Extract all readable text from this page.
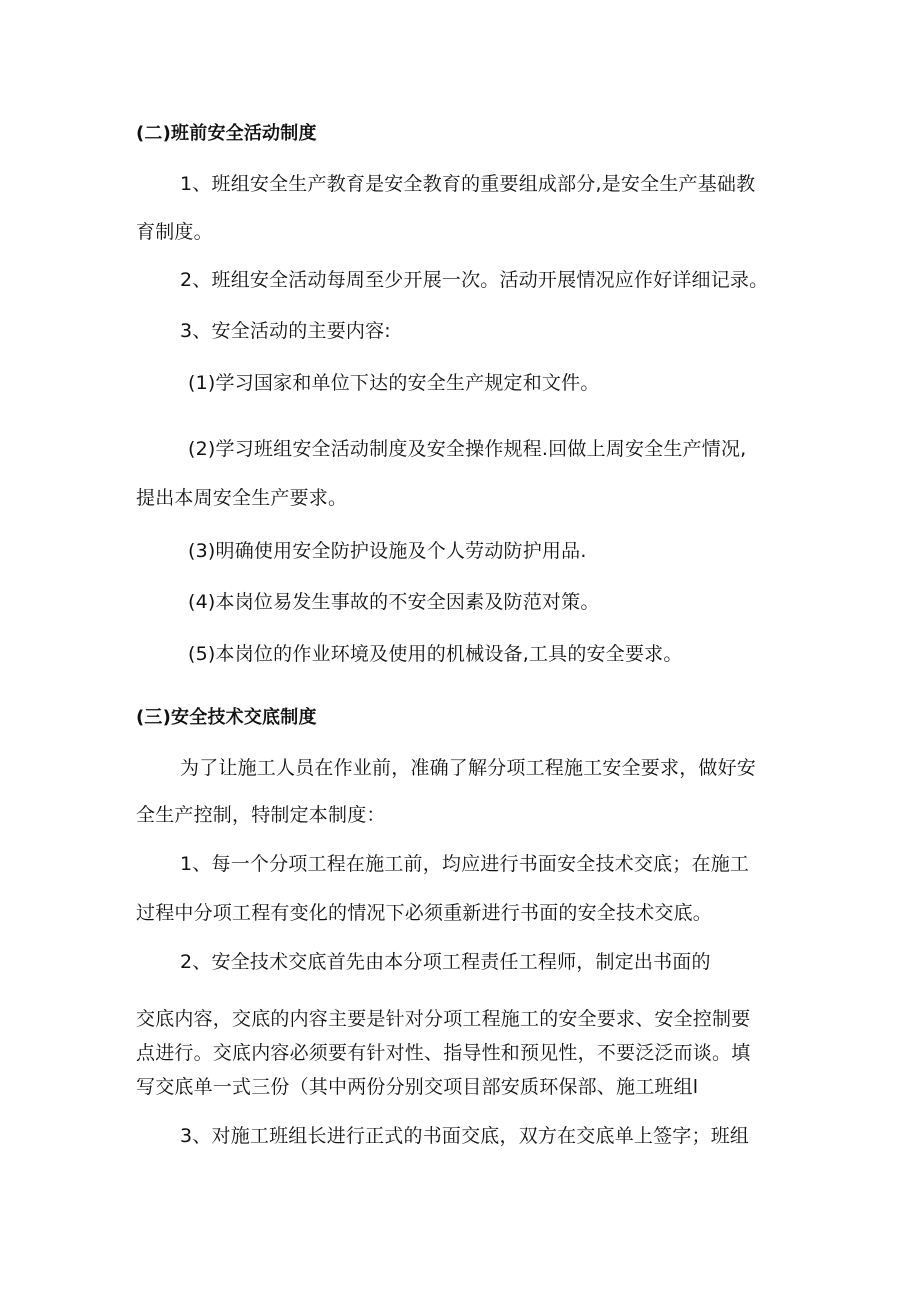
(二)班前安全活动制度
1、班组安全生产教育是安全教育的重要组成部分,是安全生产基础教
育制度。
2、班组安全活动每周至少开展一次。活动开展情况应作好详细记录。
3、安全活动的主要内容:
(1)学习国家和单位下达的安全生产规定和文件。
(2)学习班组安全活动制度及安全操作规程.回做上周安全生产情况,
提出本周安全生产要求。
(3)明确使用安全防护设施及个人劳动防护用品.
(4)本岗位易发生事故的不安全因素及防范对策。
(5)本岗位的作业环境及使用的机械设备,工具的安全要求。
(三)安全技术交底制度
为了让施工人员在作业前，准确了解分项工程施工安全要求，做好安
全生产控制，特制定本制度：
1、每一个分项工程在施工前，均应进行书面安全技术交底；在施工
过程中分项工程有变化的情况下必须重新进行书面的安全技术交底。
2、安全技术交底首先由本分项工程责任工程师，制定出书面的
交底内容，交底的内容主要是针对分项工程施工的安全要求、安全控制要
点进行。交底内容必须要有针对性、指导性和预见性，不要泛泛而谈。填
写交底单一式三份（其中两份分别交项目部安质环保部、施工班组l
3、对施工班组长进行正式的书面交底，双方在交底单上签字；班组
